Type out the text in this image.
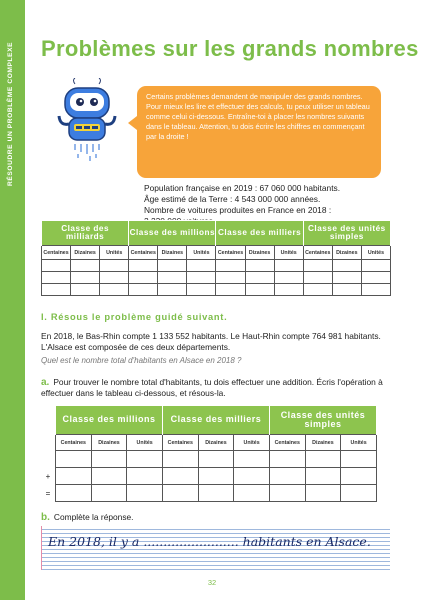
RÉSOUDRE UN PROBLÈME COMPLEXE Problèmes sur les grands nombres
Certains problèmes demandent de manipuler des grands nombres. Pour mieux les lire et effectuer des calculs, tu peux utiliser un tableau comme celui ci-dessous. Entraîne-toi à placer les nombres suivants dans le tableau. Attention, tu dois écrire les chiffres en commençant par la droite !
Population française en 2019 : 67 060 000 habitants.
Âge estimé de la Terre : 4 543 000 000 années.
Nombre de voitures produites en France en 2018 :
Classe des milliards			Classe des millions			Classe des milliers			Classe des unités simples		
Centaines	Dizaines	Unités	Centaines	Dizaines	Unités	Centaines	Dizaines	Unités	Centaines	Dizaines	Unités

I. Résous le problème guidé suivant.
En 2018, le Bas-Rhin compte 1 133 552 habitants. Le Haut-Rhin compte 764 981 habitants. L'Alsace est composée de ces deux départements.
Quel est le nombre total d'habitants en Alsace en 2018 ?
a. Pour trouver le nombre total d'habitants, tu dois effectuer une addition. Écris l'opération à effectuer dans le tableau ci-dessous, et résous-la.
	Classe des millions			Classe des milliers			Classe des unités simples		
	Centaines	Dizaines	Unités	Centaines	Dizaines	Unités	Centaines	Dizaines	Unités

+									
=									
b. Complète la réponse.
En 2018, il y a ........................ habitants en Alsace.
32
